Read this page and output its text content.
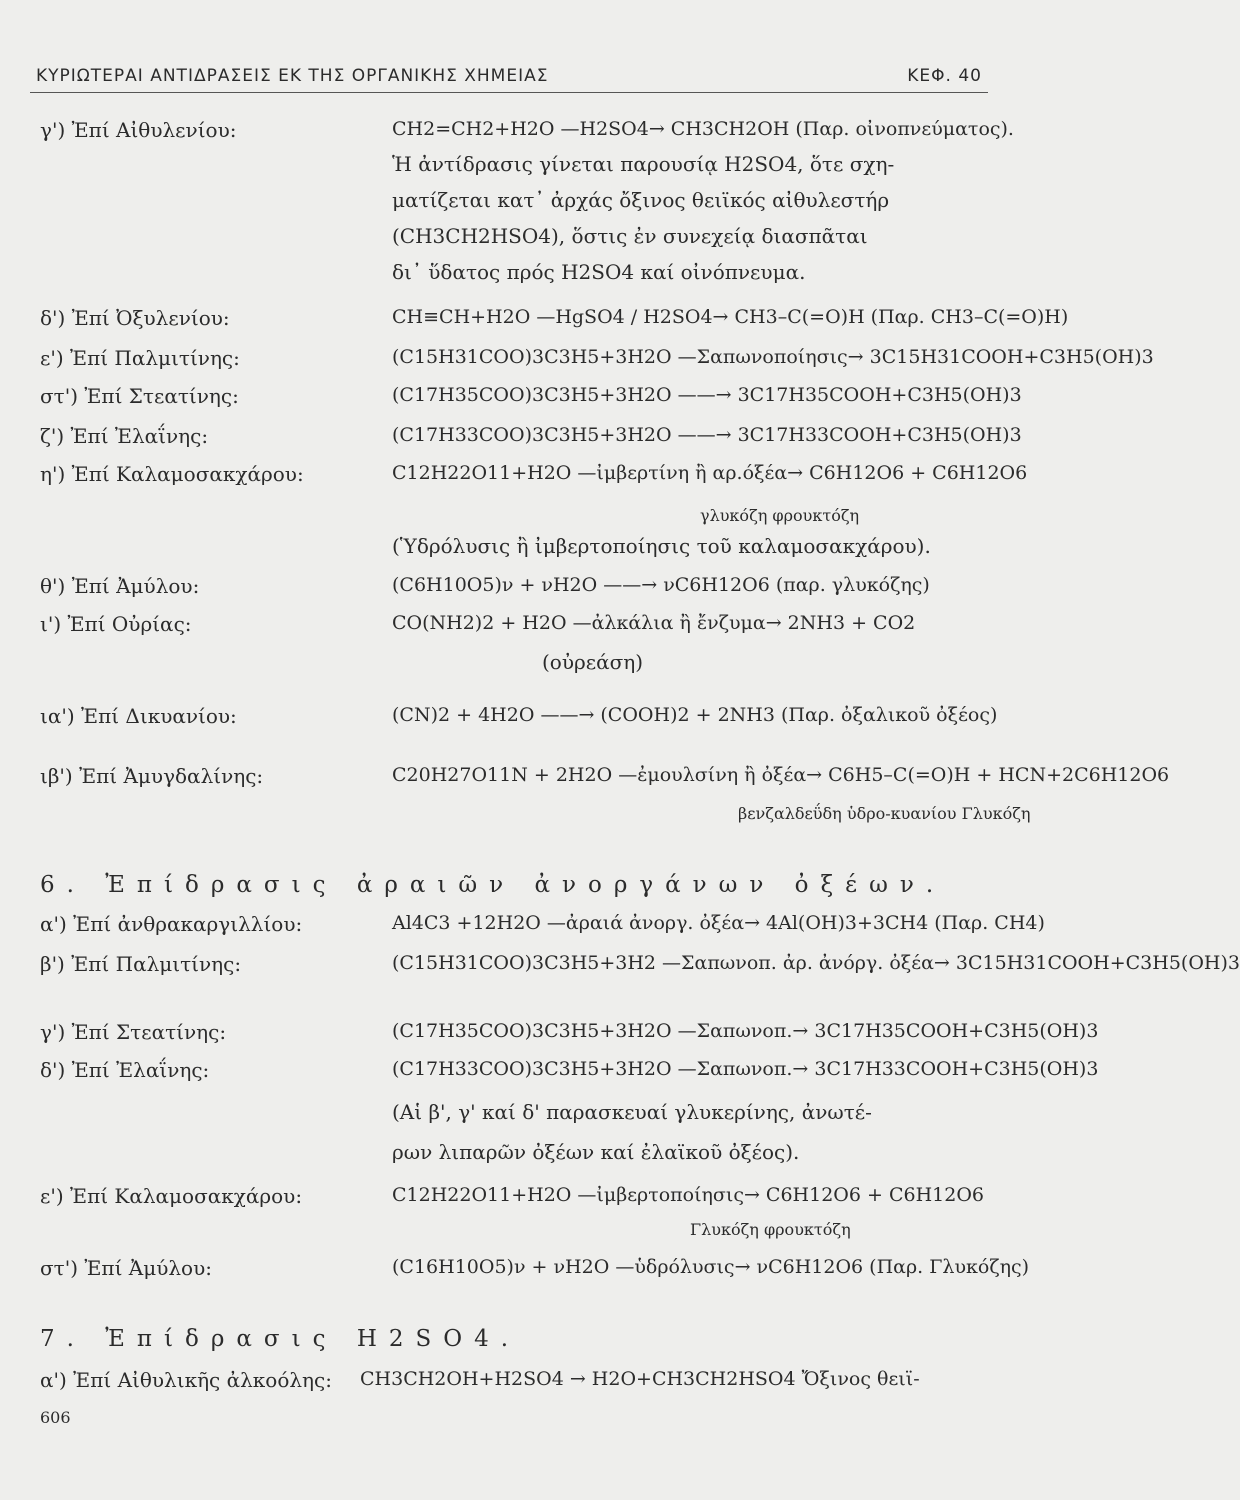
ΚΥΡΙΩΤΕΡΑΙ ΑΝΤΙΔΡΑΣΕΙΣ ΕΚ ΤΗΣ ΟΡΓΑΝΙΚΗΣ ΧΗΜΕΙΑΣ	ΚΕΦ. 40
γ') Ἐπί Αἰθυλενίου:	CH2=CH2+H2O —H2SO4→ CH3CH2OH (Παρ. οἰνοπνεύματος).
Ἡ ἀντίδρασις γίνεται παρουσίᾳ H2SO4, ὅτε σχη-
ματίζεται κατ᾽ ἀρχάς ὄξινος θειϊκός αἰθυλεστήρ
(CH3CH2HSO4), ὅστις ἐν συνεχείᾳ διασπᾶται
δι᾽ ὕδατος πρός H2SO4 καί οἰνόπνευμα.
δ') Ἐπί Ὀξυλενίου:	CH≡CH+H2O —HgSO4 / H2SO4→ CH3–C(=O)H (Παρ. CH3–C(=O)H)
ε') Ἐπί Παλμιτίνης:	(C15H31COO)3C3H5+3H2O —Σαπωνοποίησις→ 3C15H31COOH+C3H5(OH)3
στ') Ἐπί Στεατίνης:	(C17H35COO)3C3H5+3H2O ——→ 3C17H35COOH+C3H5(OH)3
ζ') Ἐπί Ἐλαΐνης:	(C17H33COO)3C3H5+3H2O ——→ 3C17H33COOH+C3H5(OH)3
η') Ἐπί Καλαμοσακχάρου:	C12H22O11+H2O —ἰμβερτίνη ἢ αρ.όξέα→ C6H12O6 + C6H12O6
γλυκόζη φρουκτόζη
(Ὑδρόλυσις ἢ ἰμβερτοποίησις τοῦ καλαμοσακχάρου).
θ') Ἐπί Ἀμύλου:	(C6H10O5)ν + νH2O ——→ νC6H12O6 (παρ. γλυκόζης)
ι') Ἐπί Οὐρίας:	CO(NH2)2 + H2O —ἀλκάλια ἢ ἔνζυμα→ 2NH3 + CO2
(οὐρεάση)
ια') Ἐπί Δικυανίου:	(CN)2 + 4H2O ——→ (COOH)2 + 2NH3 (Παρ. ὀξαλικοῦ ὀξέος)
ιβ') Ἐπί Ἀμυγδαλίνης:	C20H27O11N + 2H2O —ἐμουλσίνη ἢ ὀξέα→ C6H5–C(=O)H + HCN+2C6H12O6
βενζαλδεΰδη ὑδρο-κυανίου Γλυκόζη
6. Ἐπίδρασις ἀραιῶν ἀνοργάνων ὀξέων.
α') Ἐπί ἀνθρακαργιλλίου:	Al4C3 +12H2O —ἀραιά ἀνοργ. ὀξέα→ 4Al(OH)3+3CH4 (Παρ. CH4)
β') Ἐπί Παλμιτίνης:	(C15H31COO)3C3H5+3H2 —Σαπωνοπ. ἀρ. ἀνόργ. ὀξέα→ 3C15H31COOH+C3H5(OH)3
γ') Ἐπί Στεατίνης:	(C17H35COO)3C3H5+3H2O —Σαπωνοπ.→ 3C17H35COOH+C3H5(OH)3
δ') Ἐπί Ἐλαΐνης:	(C17H33COO)3C3H5+3H2O —Σαπωνοπ.→ 3C17H33COOH+C3H5(OH)3
(Αἱ β', γ' καί δ' παρασκευαί γλυκερίνης, ἀνωτέ-
ρων λιπαρῶν ὀξέων καί ἐλαϊκοῦ ὀξέος).
ε') Ἐπί Καλαμοσακχάρου:	C12H22O11+H2O —ἰμβερτοποίησις→ C6H12O6 + C6H12O6
Γλυκόζη φρουκτόζη
στ') Ἐπί Ἀμύλου:	(C16H10O5)ν + νH2O —ὑδρόλυσις→ νC6H12O6 (Παρ. Γλυκόζης)
7. Ἐπίδρασις H2SO4.
α') Ἐπί Αἰθυλικῆς ἀλκοόλης: CH3CH2OH+H2SO4 → H2O+CH3CH2HSO4 Ὄξινος θειϊ-
606
